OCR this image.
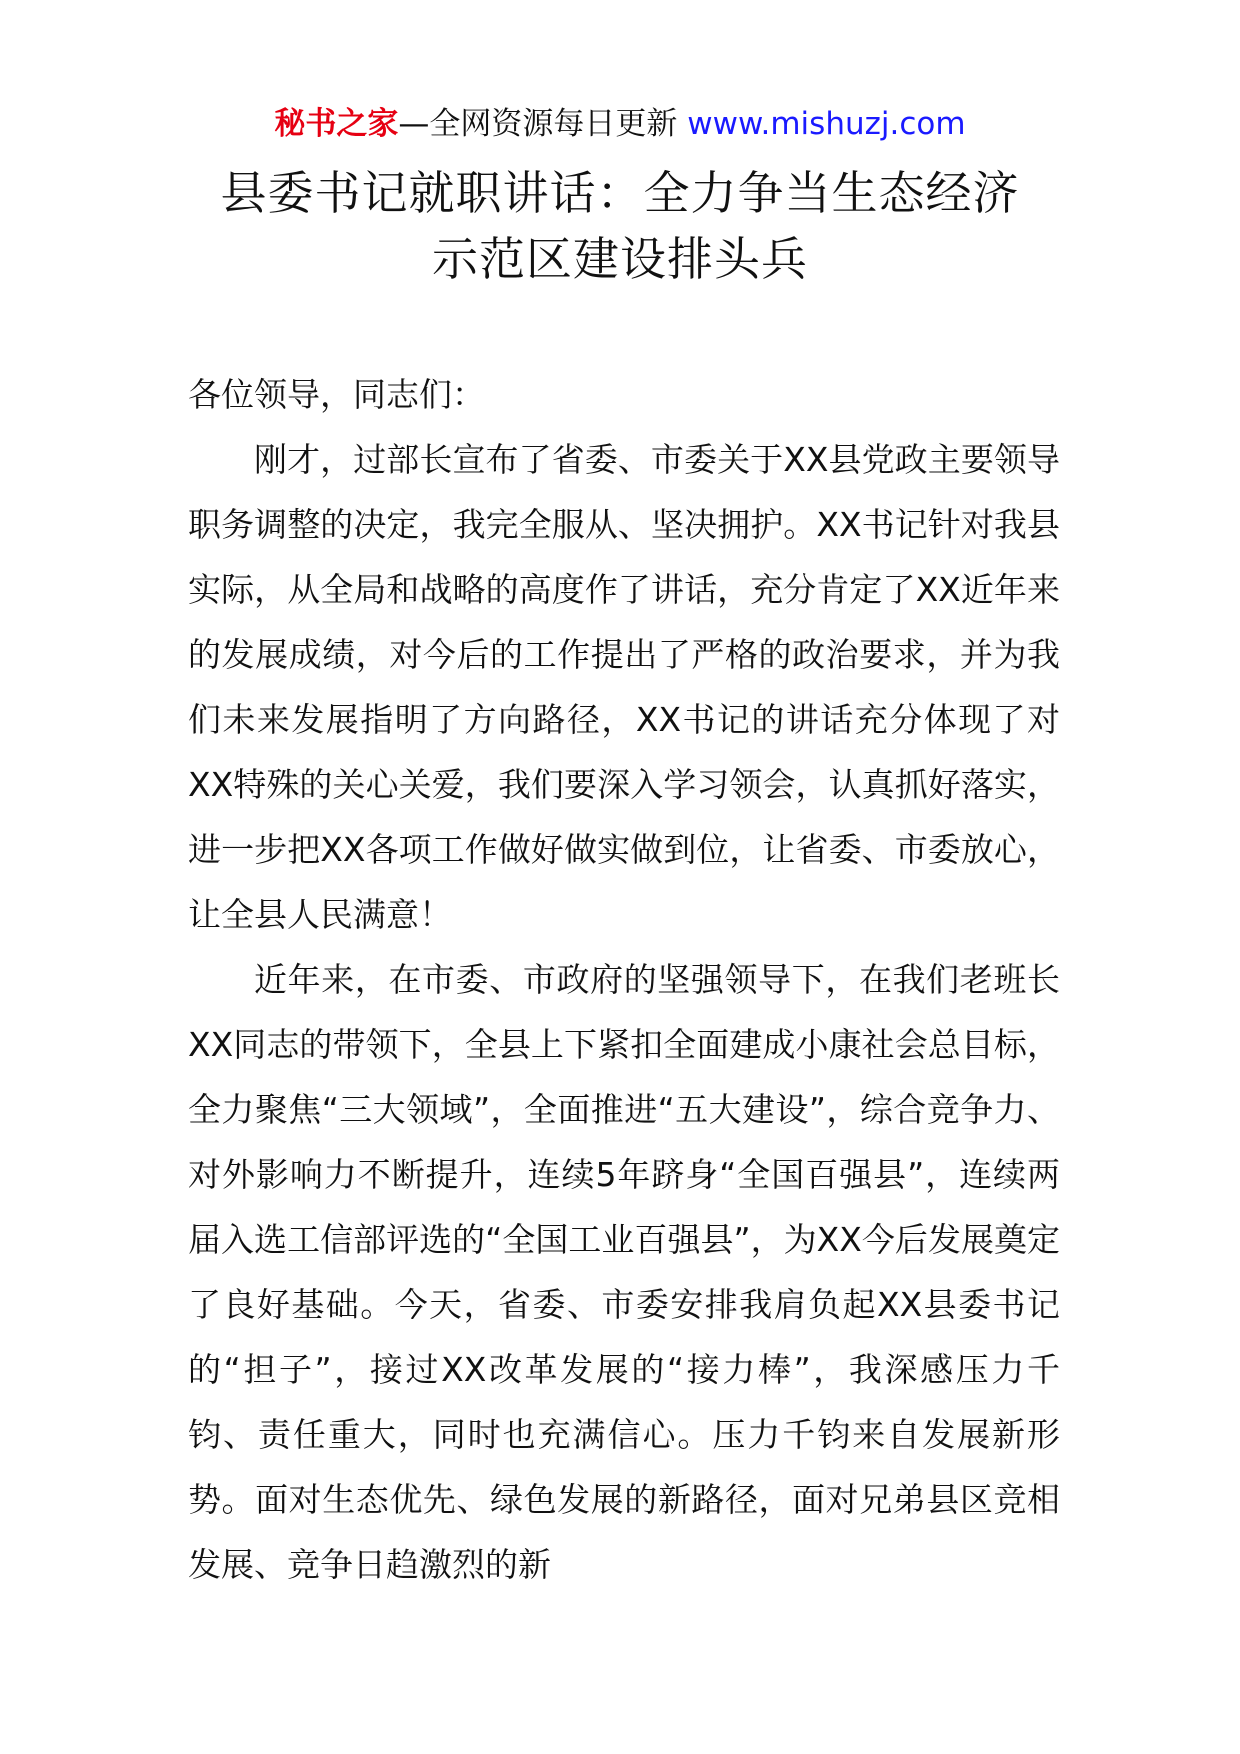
秘书之家—全网资源每日更新 www.mishuzj.com
县委书记就职讲话：全力争当生态经济
示范区建设排头兵

各位领导，同志们：

刚才，过部长宣布了省委、市委关于XX县党政主要领导职务调整的决定，我完全服从、坚决拥护。XX书记针对我县实际，从全局和战略的高度作了讲话，充分肯定了XX近年来的发展成绩，对今后的工作提出了严格的政治要求，并为我们未来发展指明了方向路径，XX书记的讲话充分体现了对XX特殊的关心关爱，我们要深入学习领会，认真抓好落实，进一步把XX各项工作做好做实做到位，让省委、市委放心，让全县人民满意！

近年来，在市委、市政府的坚强领导下，在我们老班长XX同志的带领下，全县上下紧扣全面建成小康社会总目标，全力聚焦“三大领域”，全面推进“五大建设”，综合竞争力、对外影响力不断提升，连续5年跻身“全国百强县”，连续两届入选工信部评选的“全国工业百强县”，为XX今后发展奠定了良好基础。今天，省委、市委安排我肩负起XX县委书记的“担子”，接过XX改革发展的“接力棒”，我深感压力千钧、责任重大，同时也充满信心。压力千钧来自发展新形势。面对生态优先、绿色发展的新路径，面对兄弟县区竞相发展、竞争日趋激烈的新
